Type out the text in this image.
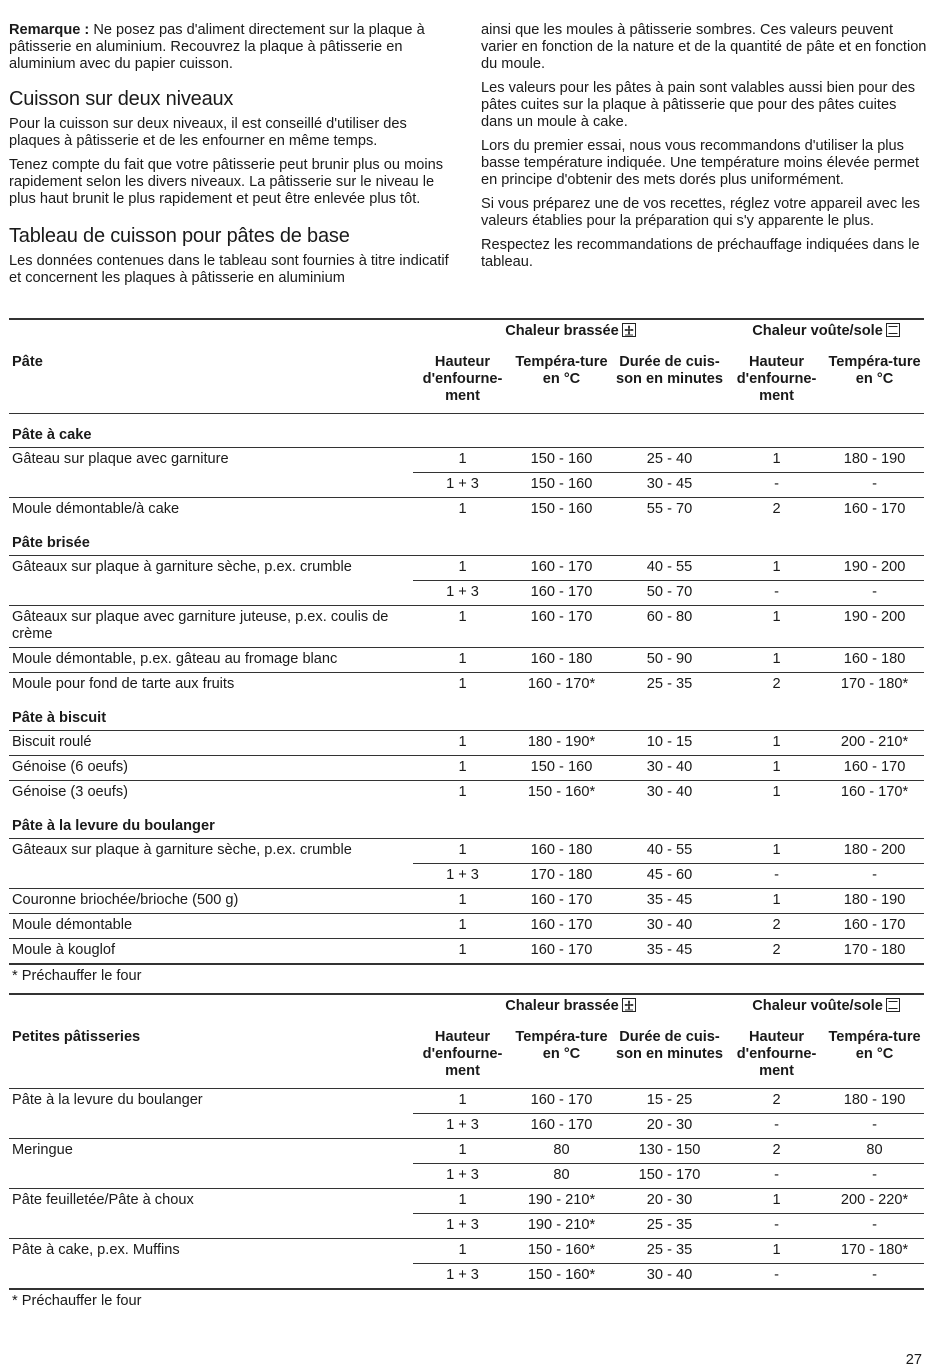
Remarque : Ne posez pas d'aliment directement sur la plaque à pâtisserie en aluminium. Recouvrez la plaque à pâtisserie en aluminium avec du papier cuisson.

Cuisson sur deux niveaux

Pour la cuisson sur deux niveaux, il est conseillé d'utiliser des plaques à pâtisserie et de les enfourner en même temps.

Tenez compte du fait que votre pâtisserie peut brunir plus ou moins rapidement selon les divers niveaux. La pâtisserie sur le niveau le plus haut brunit le plus rapidement et peut être enlevée plus tôt.

Tableau de cuisson pour pâtes de base

Les données contenues dans le tableau sont fournies à titre indicatif et concernent les plaques à pâtisserie en aluminium

ainsi que les moules à pâtisserie sombres. Ces valeurs peuvent varier en fonction de la nature et de la quantité de pâte et en fonction du moule.

Les valeurs pour les pâtes à pain sont valables aussi bien pour des pâtes cuites sur la plaque à pâtisserie que pour des pâtes cuites dans un moule à cake.

Lors du premier essai, nous vous recommandons d'utiliser la plus basse température indiquée. Une température moins élevée permet en principe d'obtenir des mets dorés plus uniformément.

Si vous préparez une de vos recettes, réglez votre appareil avec les valeurs établies pour la préparation qui s'y apparente le plus.

Respectez les recommandations de préchauffage indiquées dans le tableau.

	Chaleur brassée			Chaleur voûte/sole	

Pâte	Hauteur d'enfourne-ment	Tempéra-ture en °C	Durée de cuis-son en minutes	Hauteur d'enfourne-ment	Tempéra-ture en °C
Pâte à cake					
Gâteau sur plaque avec garniture	1	150 - 160	25 - 40	1	180 - 190
	1 + 3	150 - 160	30 - 45	-	-
Moule démontable/à cake	1	150 - 160	55 - 70	2	160 - 170
Pâte brisée					
Gâteaux sur plaque à garniture sèche, p.ex. crumble	1	160 - 170	40 - 55	1	190 - 200
	1 + 3	160 - 170	50 - 70	-	-
Gâteaux sur plaque avec garniture juteuse, p.ex. coulis de crème	1	160 - 170	60 - 80	1	190 - 200
Moule démontable, p.ex. gâteau au fromage blanc	1	160 - 180	50 - 90	1	160 - 180
Moule pour fond de tarte aux fruits	1	160 - 170*	25 - 35	2	170 - 180*
Pâte à biscuit					
Biscuit roulé	1	180 - 190*	10 - 15	1	200 - 210*
Génoise (6 oeufs)	1	150 - 160	30 - 40	1	160 - 170
Génoise (3 oeufs)	1	150 - 160*	30 - 40	1	160 - 170*
Pâte à la levure du boulanger					
Gâteaux sur plaque à garniture sèche, p.ex. crumble	1	160 - 180	40 - 55	1	180 - 200
	1 + 3	170 - 180	45 - 60	-	-
Couronne briochée/brioche (500 g)	1	160 - 170	35 - 45	1	180 - 190
Moule démontable	1	160 - 170	30 - 40	2	160 - 170
Moule à kouglof	1	160 - 170	35 - 45	2	170 - 180
* Préchauffer le four					
	Chaleur brassée			Chaleur voûte/sole	

Petites pâtisseries	Hauteur d'enfourne-ment	Tempéra-ture en °C	Durée de cuis-son en minutes	Hauteur d'enfourne-ment	Tempéra-ture en °C
Pâte à la levure du boulanger	1	160 - 170	15 - 25	2	180 - 190
	1 + 3	160 - 170	20 - 30	-	-
Meringue	1	80	130 - 150	2	80
	1 + 3	80	150 - 170	-	-
Pâte feuilletée/Pâte à choux	1	190 - 210*	20 - 30	1	200 - 220*
	1 + 3	190 - 210*	25 - 35	-	-
Pâte à cake, p.ex. Muffins	1	150 - 160*	25 - 35	1	170 - 180*
	1 + 3	150 - 160*	30 - 40	-	-
* Préchauffer le four					
27
